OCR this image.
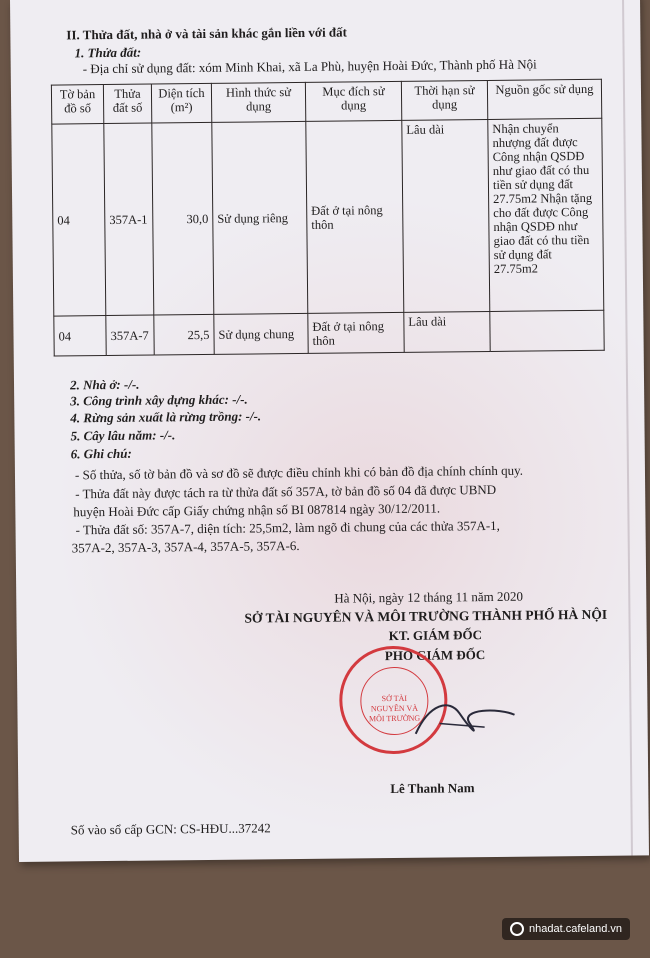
II. Thửa đất, nhà ở và tài sản khác gắn liền với đất
1. Thửa đất:
- Địa chỉ sử dụng đất: xóm Minh Khai, xã La Phù, huyện Hoài Đức, Thành phố Hà Nội
Tờ bản đồ số	Thửa đất số	Diện tích (m²)	Hình thức sử dụng	Mục đích sử dụng	Thời hạn sử dụng	Nguồn gốc sử dụng
04	357A-1	30,0	Sử dụng riêng	Đất ở tại nông thôn	Lâu dài	Nhận chuyển nhượng đất được Công nhận QSDĐ như giao đất có thu tiền sử dụng đất 27.75m2 Nhận tặng cho đất được Công nhận QSDĐ như giao đất có thu tiền sử dụng đất 27.75m2
04	357A-7	25,5	Sử dụng chung	Đất ở tại nông thôn	Lâu dài	
2. Nhà ở: -/-.
3. Công trình xây dựng khác: -/-.
4. Rừng sản xuất là rừng trồng: -/-.
5. Cây lâu năm: -/-.
6. Ghi chú:
- Số thửa, số tờ bản đồ và sơ đồ sẽ được điều chỉnh khi có bản đồ địa chính chính quy.
- Thửa đất này được tách ra từ thửa đất số 357A, tờ bản đồ số 04 đã được UBND
huyện Hoài Đức cấp Giấy chứng nhận số BI 087814 ngày 30/12/2011.
- Thửa đất số: 357A-7, diện tích: 25,5m2, làm ngõ đi chung của các thửa 357A-1,
357A-2, 357A-3, 357A-4, 357A-5, 357A-6.
Hà Nội, ngày 12 tháng 11 năm 2020
SỞ TÀI NGUYÊN VÀ MÔI TRƯỜNG THÀNH PHỐ HÀ NỘI
KT. GIÁM ĐỐC
PHÓ GIÁM ĐỐC
SỞ TÀI NGUYÊN VÀ MÔI TRƯỜNG
Lê Thanh Nam
Số vào sổ cấp GCN: CS-HĐU...37242
nhadat.cafeland.vn
